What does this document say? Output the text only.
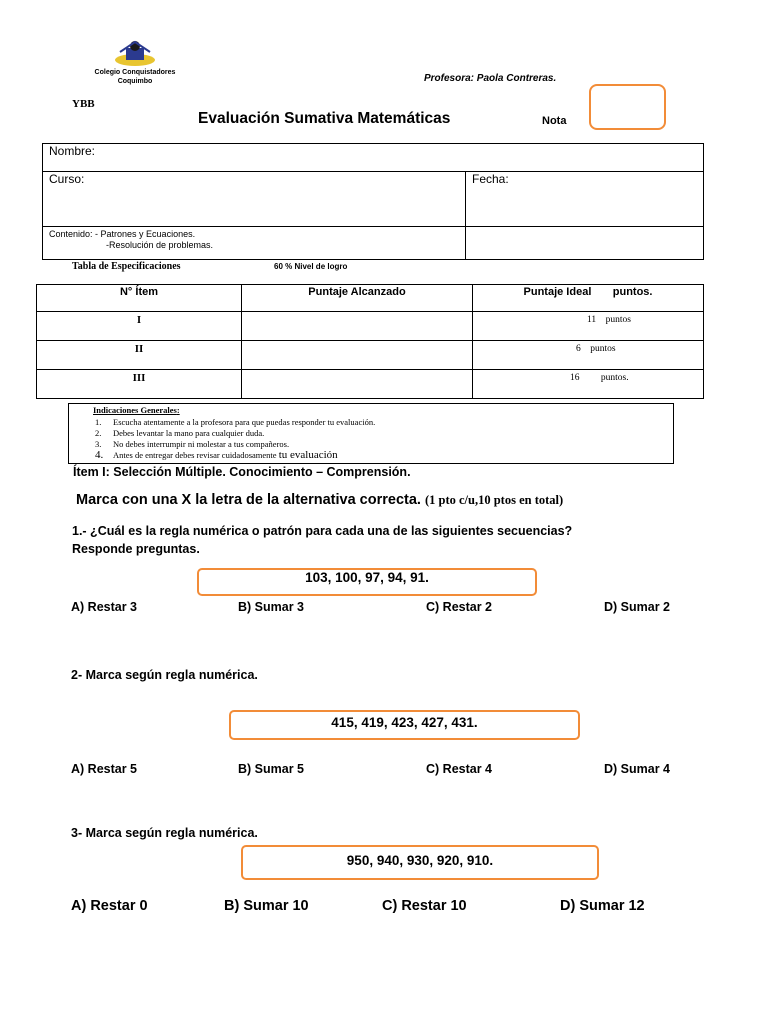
Colegio Conquistadores
Coquimbo	Profesora: Paola Contreras.
YBB
Evaluación Sumativa Matemáticas	Nota
Nombre:	
Curso:	Fecha:

Contenido: - Patrones y Ecuaciones.
-Resolución de problemas.	

Tabla de Especificaciones	60 % Nivel de logro
N° Ítem	Puntaje Alcanzado	Puntaje Ideal       puntos.
I		11 puntos
II		6 puntos
III		16 puntos.
Indicaciones Generales:
1. Escucha atentamente a la profesora para que puedas responder tu evaluación.
2. Debes levantar la mano para cualquier duda.
3. No debes interrumpir ni molestar a tus compañeros.
4. Antes de entregar debes revisar cuidadosamente tu evaluación
Ítem I: Selección Múltiple. Conocimiento – Comprensión.
Marca con una X la letra de la alternativa correcta. (1 pto c/u,10 ptos en total)
1.- ¿Cuál es la regla numérica o patrón para cada una de las siguientes secuencias?
Responde preguntas.
103, 100, 97, 94, 91.
A) Restar 3	B) Sumar 3	C) Restar 2	D) Sumar 2
2- Marca según regla numérica.
415, 419, 423, 427, 431.
A) Restar 5	B) Sumar 5	C) Restar 4	D) Sumar 4
3- Marca según regla numérica.
950, 940, 930, 920, 910.
A) Restar 0	B) Sumar 10	C) Restar 10	D) Sumar 12
